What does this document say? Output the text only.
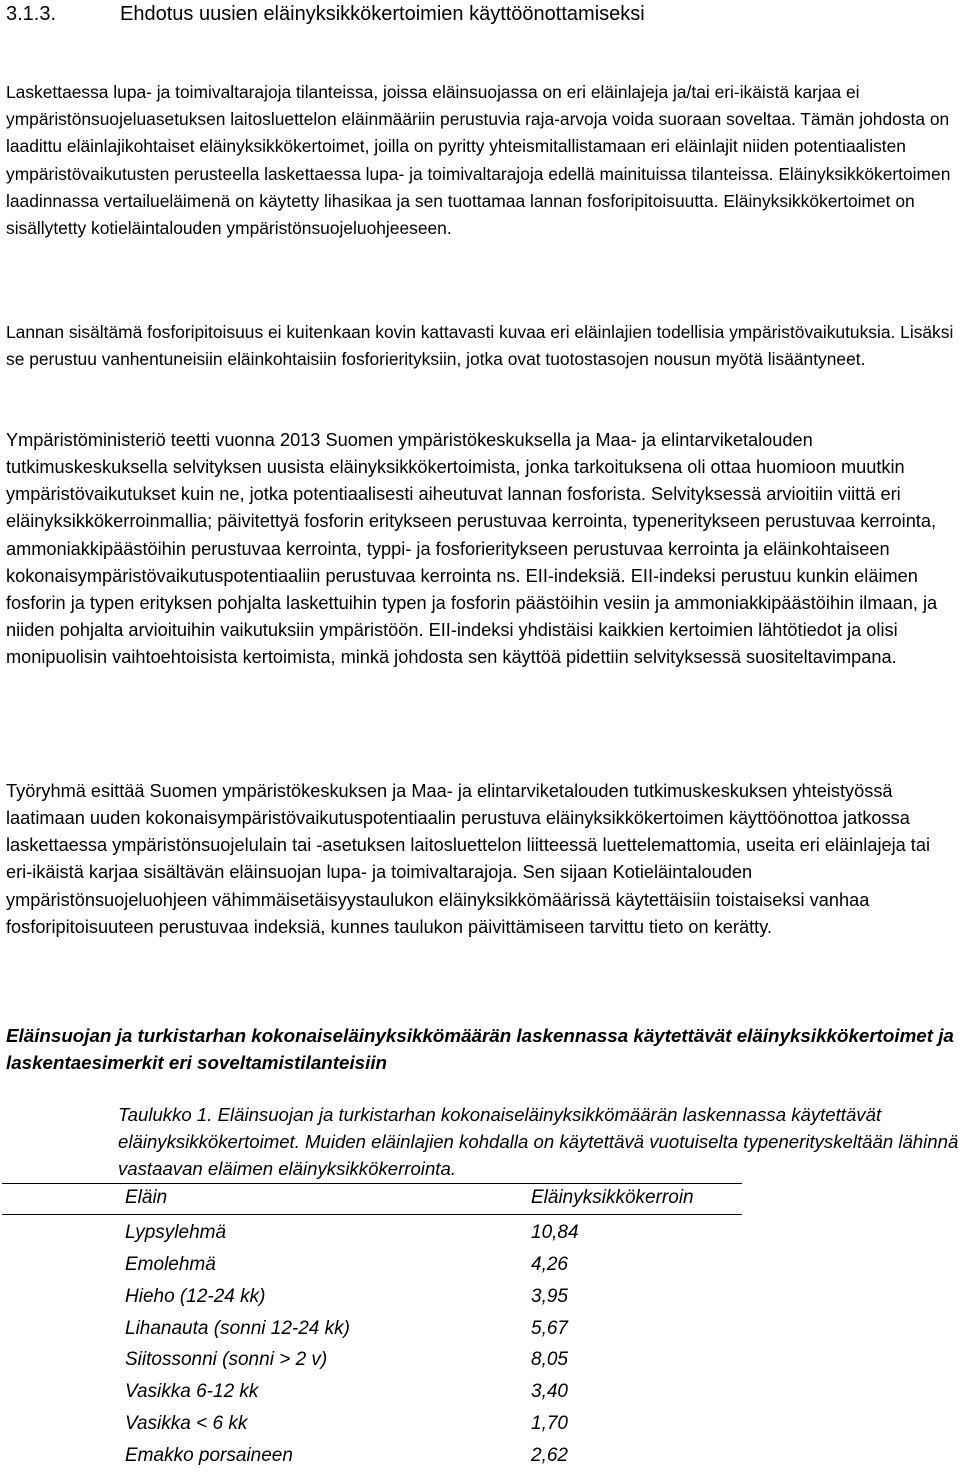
3.1.3.	Ehdotus uusien eläinyksikkökertoimien käyttöönottamiseksi

Laskettaessa lupa- ja toimivaltarajoja tilanteissa, joissa eläinsuojassa on eri eläinlajeja ja/tai eri-ikäistä karjaa ei ympäristönsuojeluasetuksen laitosluettelon eläinmääriin perustuvia raja-arvoja voida suoraan soveltaa. Tämän johdosta on laadittu eläinlajikohtaiset eläinyksikkökertoimet, joilla on pyritty yhteismitallistamaan eri eläinlajit niiden potentiaalisten ympäristövaikutusten perusteella laskettaessa lupa- ja toimivaltarajoja edellä mainituissa tilanteissa. Eläinyksikkökertoimen laadinnassa vertailueläimenä on käytetty lihasikaa ja sen tuottamaa lannan fosforipitoisuutta. Eläinyksikkökertoimet on sisällytetty kotieläintalouden ympäristönsuojeluohjeeseen.

Lannan sisältämä fosforipitoisuus ei kuitenkaan kovin kattavasti kuvaa eri eläinlajien todellisia ympäristövaikutuksia. Lisäksi se perustuu vanhentuneisiin eläinkohtaisiin fosforierityksiin, jotka ovat tuotostasojen nousun myötä lisääntyneet.

Ympäristöministeriö teetti vuonna 2013 Suomen ympäristökeskuksella ja Maa- ja elintarviketalouden tutkimuskeskuksella selvityksen uusista eläinyksikkökertoimista, jonka tarkoituksena oli ottaa huomioon muutkin ympäristövaikutukset kuin ne, jotka potentiaalisesti aiheutuvat lannan fosforista. Selvityksessä arvioitiin viittä eri eläinyksikkökerroinmallia; päivitettyä fosforin eritykseen perustuvaa kerrointa, typeneritykseen perustuvaa kerrointa, ammoniakkipäästöihin perustuvaa kerrointa, typpi- ja fosforieritykseen perustuvaa kerrointa ja eläinkohtaiseen kokonaisympäristövaikutuspotentiaaliin perustuvaa kerrointa ns. EII-indeksiä. EII-indeksi perustuu kunkin eläimen fosforin ja typen erityksen pohjalta laskettuihin typen ja fosforin päästöihin vesiin ja ammoniakkipäästöihin ilmaan, ja niiden pohjalta arvioituihin vaikutuksiin ympäristöön. EII-indeksi yhdistäisi kaikkien kertoimien lähtötiedot ja olisi monipuolisin vaihtoehtoisista kertoimista, minkä johdosta sen käyttöä pidettiin selvityksessä suositeltavimpana.

Työryhmä esittää Suomen ympäristökeskuksen ja Maa- ja elintarviketalouden tutkimuskeskuksen yhteistyössä laatimaan uuden kokonaisympäristövaikutuspotentiaalin perustuva eläinyksikkökertoimen käyttöönottoa jatkossa laskettaessa ympäristönsuojelulain tai -asetuksen laitosluettelon liitteessä luettelemattomia, useita eri eläinlajeja tai eri-ikäistä karjaa sisältävän eläinsuojan lupa- ja toimivaltarajoja. Sen sijaan Kotieläintalouden ympäristönsuojeluohjeen vähimmäisetäisyystaulukon eläinyksikkömäärissä käytettäisiin toistaiseksi vanhaa fosforipitoisuuteen perustuvaa indeksiä, kunnes taulukon päivittämiseen tarvittu tieto on kerätty.

Eläinsuojan ja turkistarhan kokonaiseläinyksikkömäärän laskennassa käytettävät eläinyksikkökertoimet ja laskentaesimerkit eri soveltamistilanteisiin
Taulukko 1. Eläinsuojan ja turkistarhan kokonaiseläinyksikkömäärän laskennassa käytettävät eläinyksikkökertoimet. Muiden eläinlajien kohdalla on käytettävä vuotuiselta typenerityskeltään lähinnä vastaavan eläimen eläinyksikkökerrointa.
Eläin	Eläinyksikkökerroin
Lypsylehmä	10,84
Emolehmä	4,26
Hieho (12-24 kk)	3,95
Lihanauta (sonni 12-24 kk)	5,67
Siitossonni (sonni > 2 v)	8,05
Vasikka 6-12 kk	3,40
Vasikka < 6 kk	1,70
Emakko porsaineen	2,62
